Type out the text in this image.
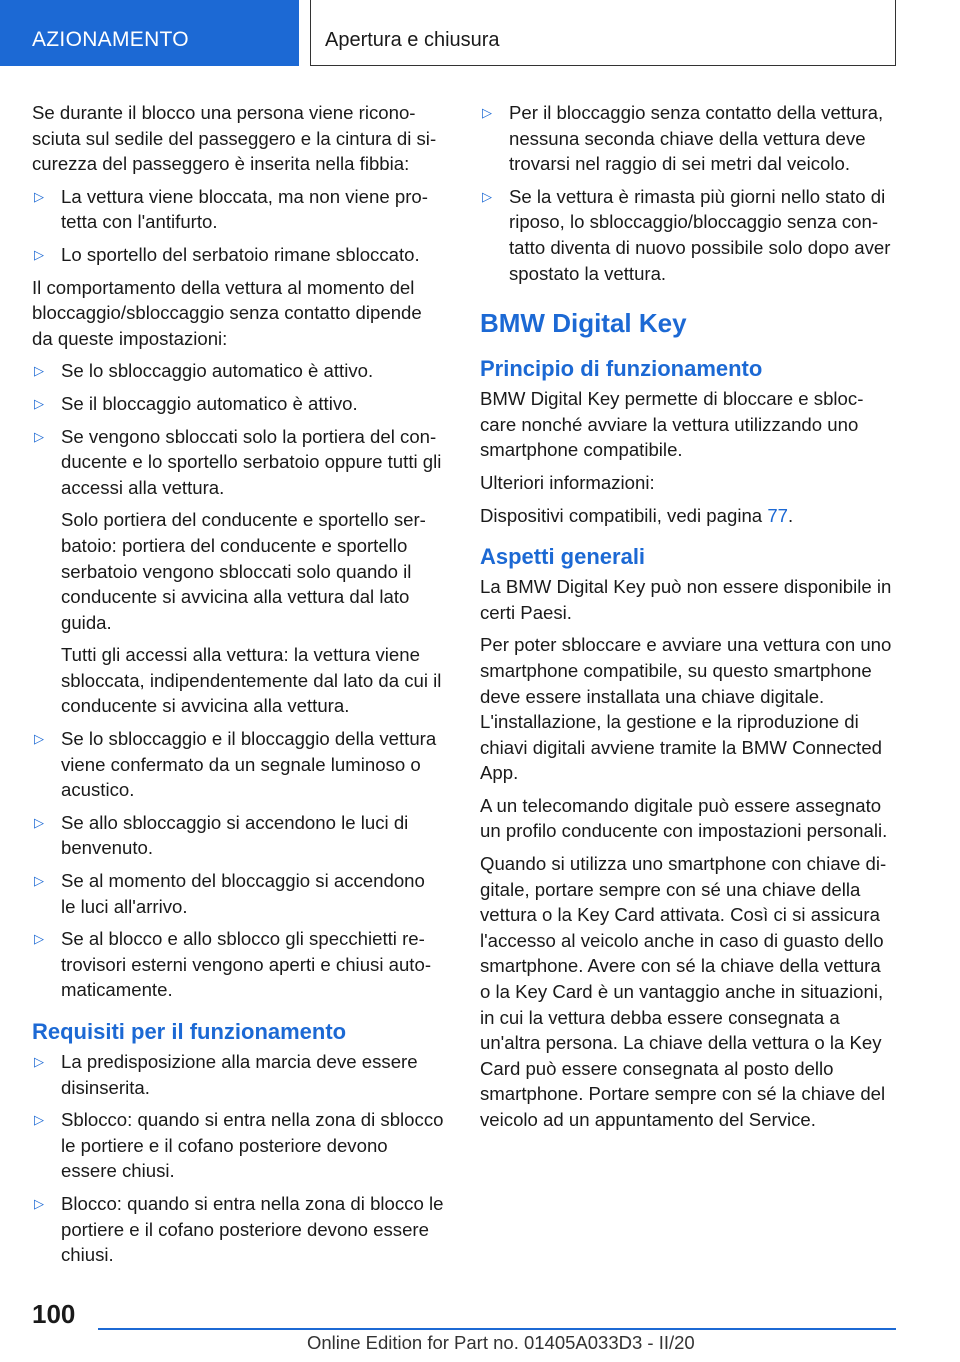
AZIONAMENTO	Apertura e chiusura
Se durante il blocco una persona viene riconosciuta sul sedile del passeggero e la cintura di sicurezza del passeggero è inserita nella fibbia:
▷ La vettura viene bloccata, ma non viene protetta con l'antifurto.
▷ Lo sportello del serbatoio rimane sbloccato.
Il comportamento della vettura al momento del bloccaggio/sbloccaggio senza contatto dipende da queste impostazioni:
▷ Se lo sbloccaggio automatico è attivo.
▷ Se il bloccaggio automatico è attivo.
▷ Se vengono sbloccati solo la portiera del conducente e lo sportello serbatoio oppure tutti gli accessi alla vettura.
Solo portiera del conducente e sportello serbatoio: portiera del conducente e sportello serbatoio vengono sbloccati solo quando il conducente si avvicina alla vettura dal lato guida.
Tutti gli accessi alla vettura: la vettura viene sbloccata, indipendentemente dal lato da cui il conducente si avvicina alla vettura.
▷ Se lo sbloccaggio e il bloccaggio della vettura viene confermato da un segnale luminoso o acustico.
▷ Se allo sbloccaggio si accendono le luci di benvenuto.
▷ Se al momento del bloccaggio si accendono le luci all'arrivo.
▷ Se al blocco e allo sblocco gli specchietti retrovisori esterni vengono aperti e chiusi automaticamente.
Requisiti per il funzionamento
▷ La predisposizione alla marcia deve essere disinserita.
▷ Sblocco: quando si entra nella zona di sblocco le portiere e il cofano posteriore devono essere chiusi.
▷ Blocco: quando si entra nella zona di blocco le portiere e il cofano posteriore devono essere chiusi.
▷ Per il bloccaggio senza contatto della vettura, nessuna seconda chiave della vettura deve trovarsi nel raggio di sei metri dal veicolo.
▷ Se la vettura è rimasta più giorni nello stato di riposo, lo sbloccaggio/bloccaggio senza contatto diventa di nuovo possibile solo dopo aver spostato la vettura.
BMW Digital Key
Principio di funzionamento
BMW Digital Key permette di bloccare e sbloccare nonché avviare la vettura utilizzando uno smartphone compatibile.
Ulteriori informazioni:
Dispositivi compatibili, vedi pagina 77.
Aspetti generali
La BMW Digital Key può non essere disponibile in certi Paesi.
Per poter sbloccare e avviare una vettura con uno smartphone compatibile, su questo smartphone deve essere installata una chiave digitale. L'installazione, la gestione e la riproduzione di chiavi digitali avviene tramite la BMW Connected App.
A un telecomando digitale può essere assegnato un profilo conducente con impostazioni personali.
Quando si utilizza uno smartphone con chiave digitale, portare sempre con sé una chiave della vettura o la Key Card attivata. Così ci si assicura l'accesso al veicolo anche in caso di guasto dello smartphone. Avere con sé la chiave della vettura o la Key Card è un vantaggio anche in situazioni, in cui la vettura debba essere consegnata a un'altra persona. La chiave della vettura o la Key Card può essere consegnata al posto dello smartphone. Portare sempre con sé la chiave del veicolo ad un appuntamento del Service.
100
Online Edition for Part no. 01405A033D3 - II/20
